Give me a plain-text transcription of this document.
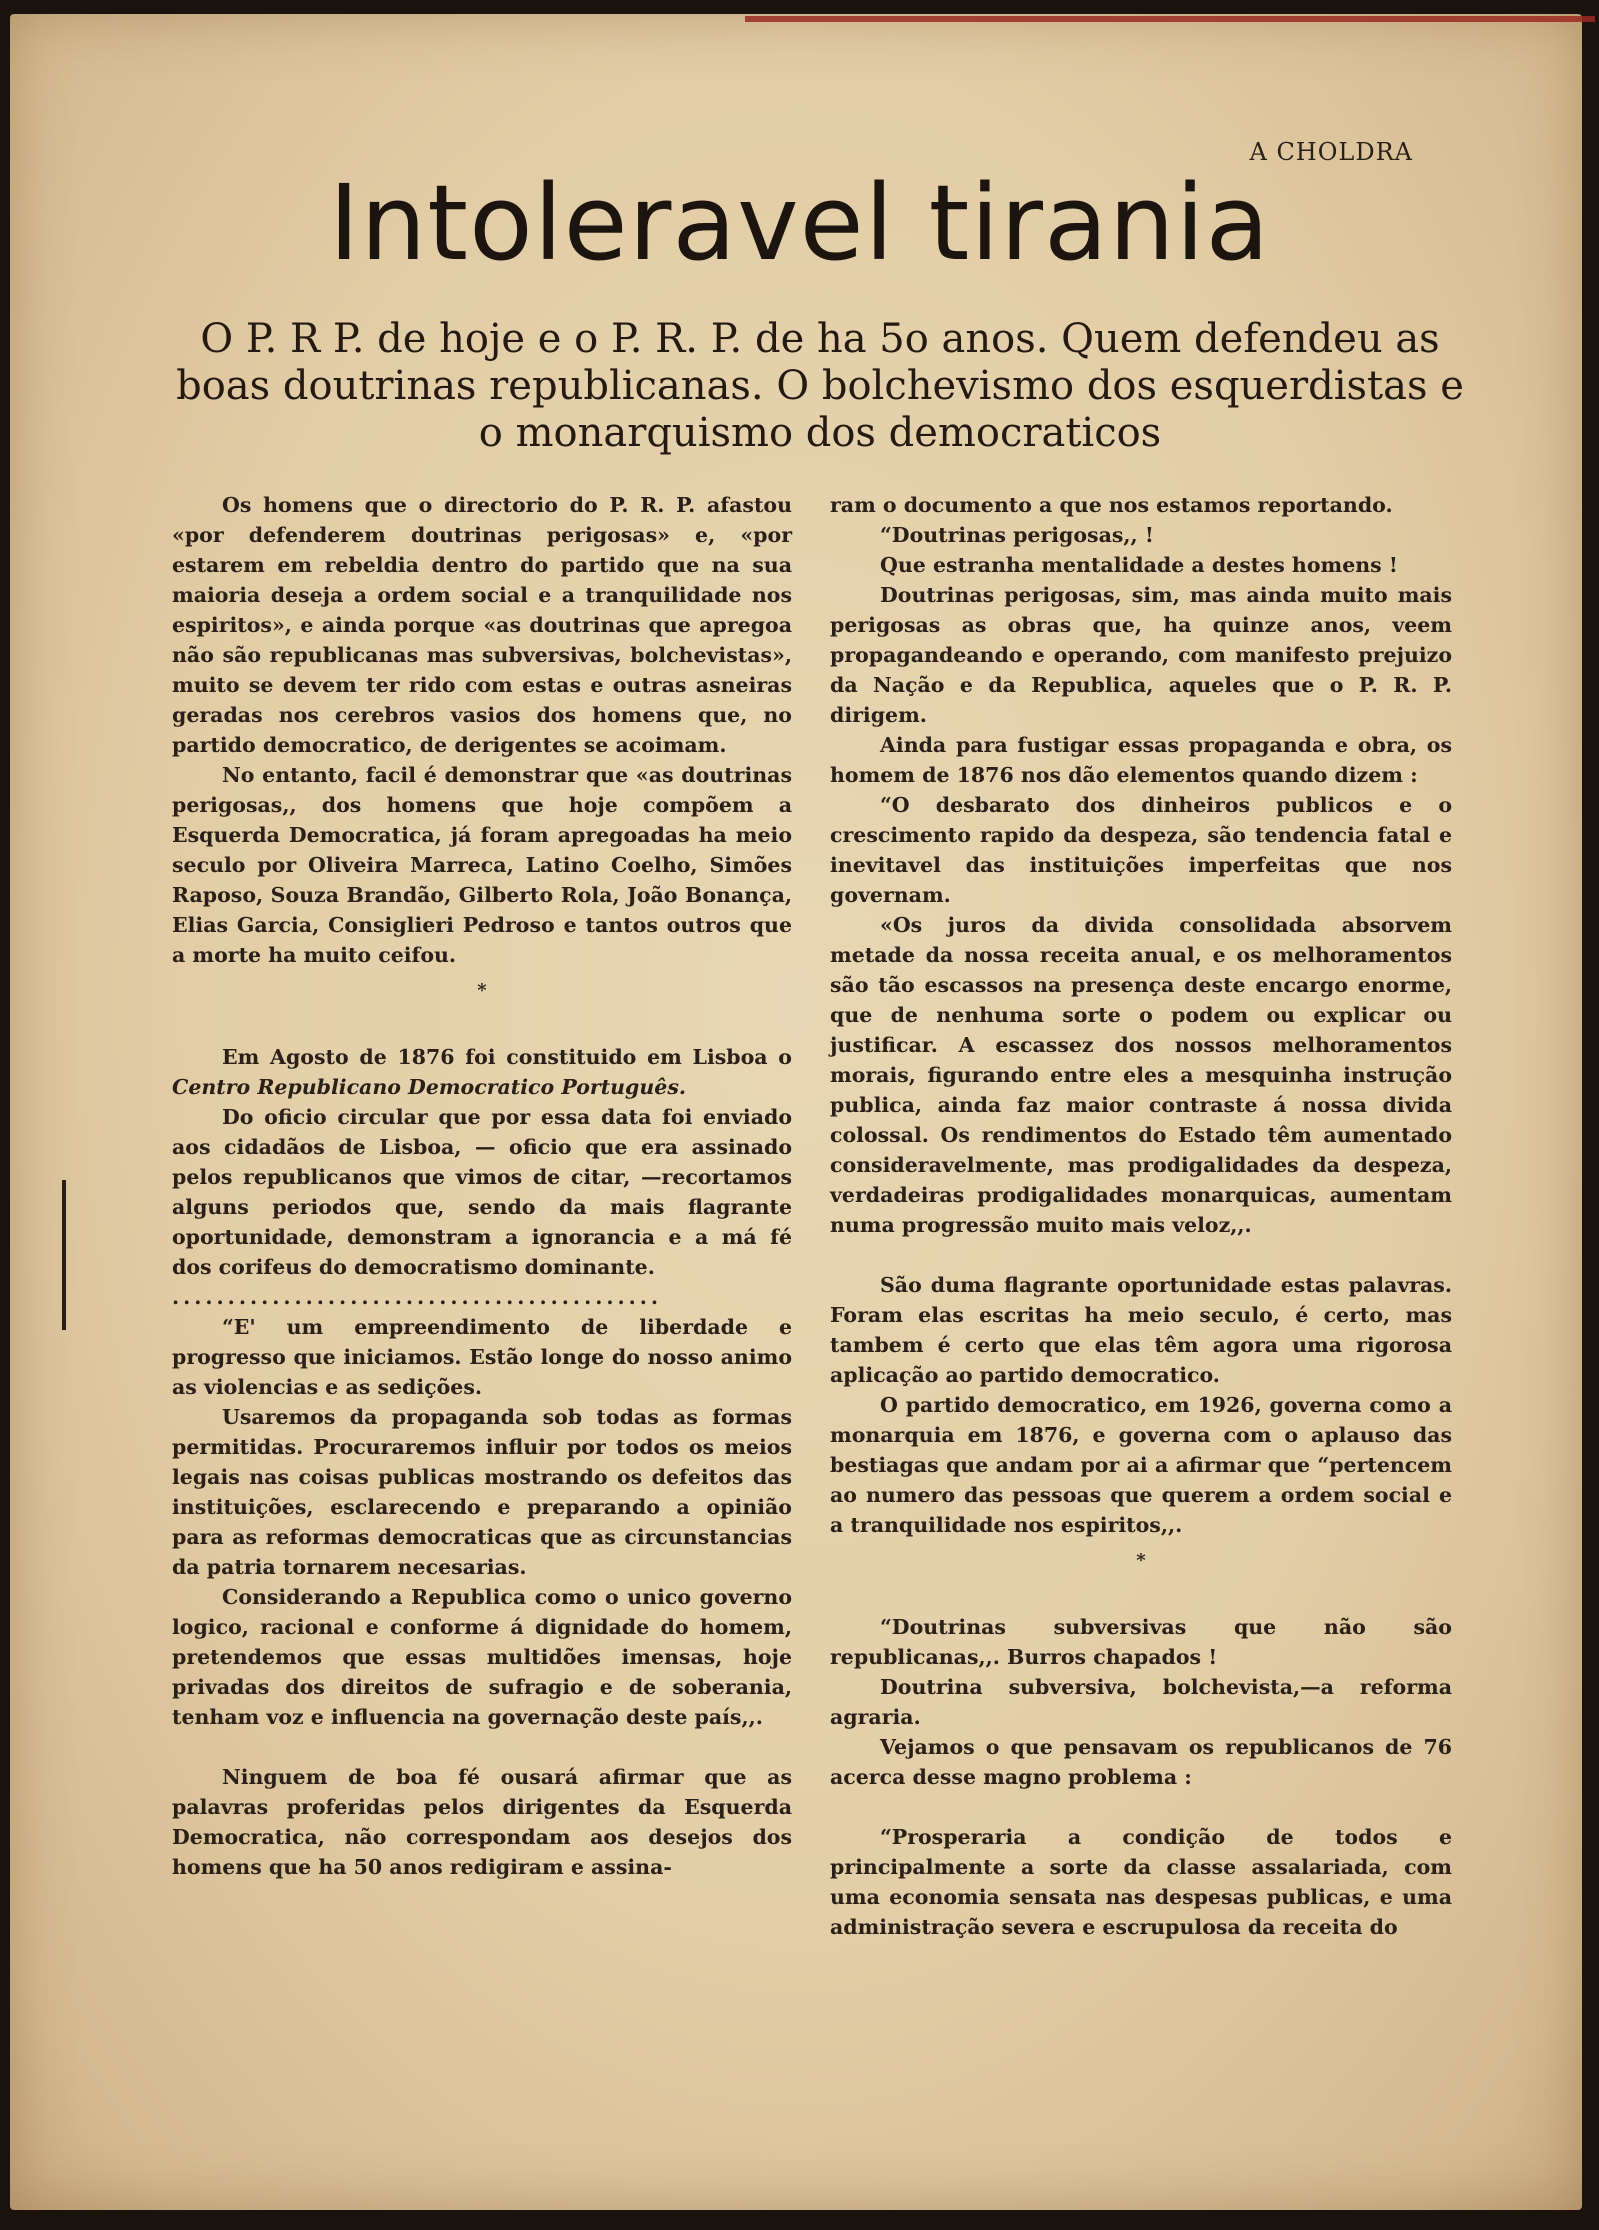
A CHOLDRA
Intoleravel tirania
O P. R P. de hoje e o P. R. P. de ha 5o anos. Quem defendeu as boas doutrinas republicanas. O bolchevismo dos esquerdistas e o monarquismo dos democraticos

Os homens que o directorio do P. R. P. afastou «por defenderem doutrinas perigosas» e, «por estarem em rebeldia dentro do partido que na sua maioria deseja a ordem social e a tranquilidade nos espiritos», e ainda porque «as doutrinas que apregoa não são republicanas mas subversivas, bolchevistas», muito se devem ter rido com estas e outras asneiras geradas nos cerebros vasios dos homens que, no partido democratico, de derigentes se acoimam.

No entanto, facil é demonstrar que «as doutrinas perigosas,, dos homens que hoje compõem a Esquerda Democratica, já foram apregoadas ha meio seculo por Oliveira Marreca, Latino Coelho, Simões Raposo, Souza Brandão, Gilberto Rola, João Bonança, Elias Garcia, Consiglieri Pedroso e tantos outros que a morte ha muito ceifou.

*

Em Agosto de 1876 foi constituido em Lisboa o Centro Republicano Democratico Português.

Do oficio circular que por essa data foi enviado aos cidadãos de Lisboa, — oficio que era assinado pelos republicanos que vimos de citar, —recortamos alguns periodos que, sendo da mais flagrante oportunidade, demonstram a ignorancia e a má fé dos corifeus do democratismo dominante.

............................................

“E' um empreendimento de liberdade e progresso que iniciamos. Estão longe do nosso animo as violencias e as sedições.

Usaremos da propaganda sob todas as formas permitidas. Procuraremos influir por todos os meios legais nas coisas publicas mostrando os defeitos das instituições, esclarecendo e preparando a opinião para as reformas democraticas que as circunstancias da patria tornarem necesarias.

Considerando a Republica como o unico governo logico, racional e conforme á dignidade do homem, pretendemos que essas multidões imensas, hoje privadas dos direitos de sufragio e de soberania, tenham voz e influencia na governação deste país,,.

Ninguem de boa fé ousará afirmar que as palavras proferidas pelos dirigentes da Esquerda Democratica, não correspondam aos desejos dos homens que ha 50 anos redigiram e assina-

ram o documento a que nos estamos reportando.

“Doutrinas perigosas,, !

Que estranha mentalidade a destes homens !

Doutrinas perigosas, sim, mas ainda muito mais perigosas as obras que, ha quinze anos, veem propagandeando e operando, com manifesto prejuizo da Nação e da Republica, aqueles que o P. R. P. dirigem.

Ainda para fustigar essas propaganda e obra, os homem de 1876 nos dão elementos quando dizem :

“O desbarato dos dinheiros publicos e o crescimento rapido da despeza, são tendencia fatal e inevitavel das instituições imperfeitas que nos governam.

«Os juros da divida consolidada absorvem metade da nossa receita anual, e os melhoramentos são tão escassos na presença deste encargo enorme, que de nenhuma sorte o podem ou explicar ou justificar. A escassez dos nossos melhoramentos morais, figurando entre eles a mesquinha instrução publica, ainda faz maior contraste á nossa divida colossal. Os rendimentos do Estado têm aumentado consideravelmente, mas prodigalidades da despeza, verdadeiras prodigalidades monarquicas, aumentam numa progressão muito mais veloz,,.

São duma flagrante oportunidade estas palavras. Foram elas escritas ha meio seculo, é certo, mas tambem é certo que elas têm agora uma rigorosa aplicação ao partido democratico.

O partido democratico, em 1926, governa como a monarquia em 1876, e governa com o aplauso das bestiagas que andam por ai a afirmar que “pertencem ao numero das pessoas que querem a ordem social e a tranquilidade nos espiritos,,.

*

“Doutrinas subversivas que não são republicanas,,. Burros chapados !

Doutrina subversiva, bolchevista,—a reforma agraria.

Vejamos o que pensavam os republicanos de 76 acerca desse magno problema :

“Prosperaria a condição de todos e principalmente a sorte da classe assalariada, com uma economia sensata nas despesas publicas, e uma administração severa e escrupulosa da receita do
